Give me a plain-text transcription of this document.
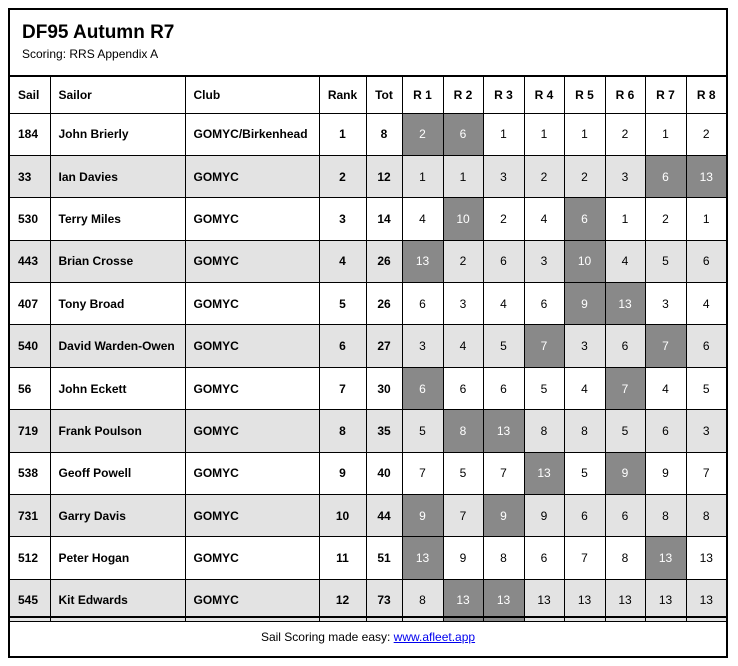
DF95 Autumn R7
Scoring: RRS Appendix A
Sail	Sailor	Club	Rank	Tot	R 1	R 2	R 3	R 4	R 5	R 6	R 7	R 8
184	John Brierly	GOMYC/Birkenhead	1	8	2	6	1	1	1	2	1	2
33	Ian Davies	GOMYC	2	12	1	1	3	2	2	3	6	13
530	Terry Miles	GOMYC	3	14	4	10	2	4	6	1	2	1
443	Brian Crosse	GOMYC	4	26	13	2	6	3	10	4	5	6
407	Tony Broad	GOMYC	5	26	6	3	4	6	9	13	3	4
540	David Warden-Owen	GOMYC	6	27	3	4	5	7	3	6	7	6
56	John Eckett	GOMYC	7	30	6	6	6	5	4	7	4	5
719	Frank Poulson	GOMYC	8	35	5	8	13	8	8	5	6	3
538	Geoff Powell	GOMYC	9	40	7	5	7	13	5	9	9	7
731	Garry Davis	GOMYC	10	44	9	7	9	9	6	6	8	8
512	Peter Hogan	GOMYC	11	51	13	9	8	6	7	8	13	13
545	Kit Edwards	GOMYC	12	73	8	13	13	13	13	13	13	13
Sail Scoring made easy: www.afleet.app
